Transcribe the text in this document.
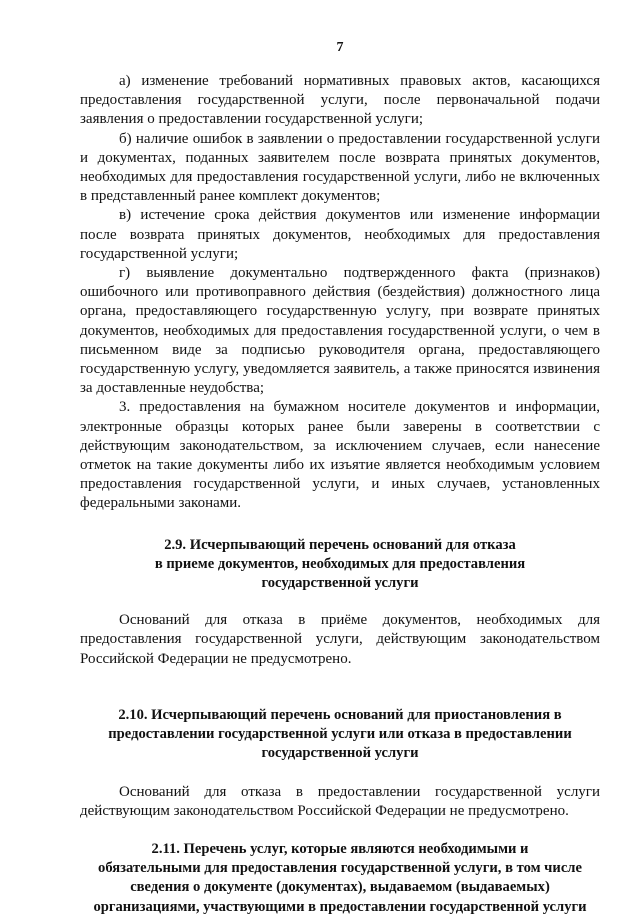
7

а) изменение требований нормативных правовых актов, касающихся предоставления государственной услуги, после первоначальной подачи заявления о предоставлении государственной услуги;

б) наличие ошибок в заявлении о предоставлении государственной услуги и документах, поданных заявителем после возврата принятых документов, необходимых для предоставления государственной услуги, либо не включенных в представленный ранее комплект документов;

в) истечение срока действия документов или изменение информации после возврата принятых документов, необходимых для предоставления государственной услуги;

г) выявление документально подтвержденного факта (признаков) ошибочного или противоправного действия (бездействия) должностного лица органа, предоставляющего государственную услугу, при возврате принятых документов, необходимых для предоставления государственной услуги, о чем в письменном виде за подписью руководителя органа, предоставляющего государственную услугу, уведомляется заявитель, а также приносятся извинения за доставленные неудобства;

3. предоставления на бумажном носителе документов и информации, электронные образцы которых ранее были заверены в соответствии с действующим законодательством, за исключением случаев, если нанесение отметок на такие документы либо их изъятие является необходимым условием предоставления государственной услуги, и иных случаев, установленных федеральными законами.

2.9. Исчерпывающий перечень оснований для отказа
в приеме документов, необходимых для предоставления
государственной услуги

Оснований для отказа в приёме документов, необходимых для предоставления государственной услуги, действующим законодательством Российской Федерации не предусмотрено.

2.10. Исчерпывающий перечень оснований для приостановления в
предоставлении государственной услуги или отказа в предоставлении
государственной услуги

Оснований для отказа в предоставлении государственной услуги действующим законодательством Российской Федерации не предусмотрено.

2.11. Перечень услуг, которые являются необходимыми и
обязательными для предоставления государственной услуги, в том числе
сведения о документе (документах), выдаваемом (выдаваемых)
организациями, участвующими в предоставлении государственной услуги
